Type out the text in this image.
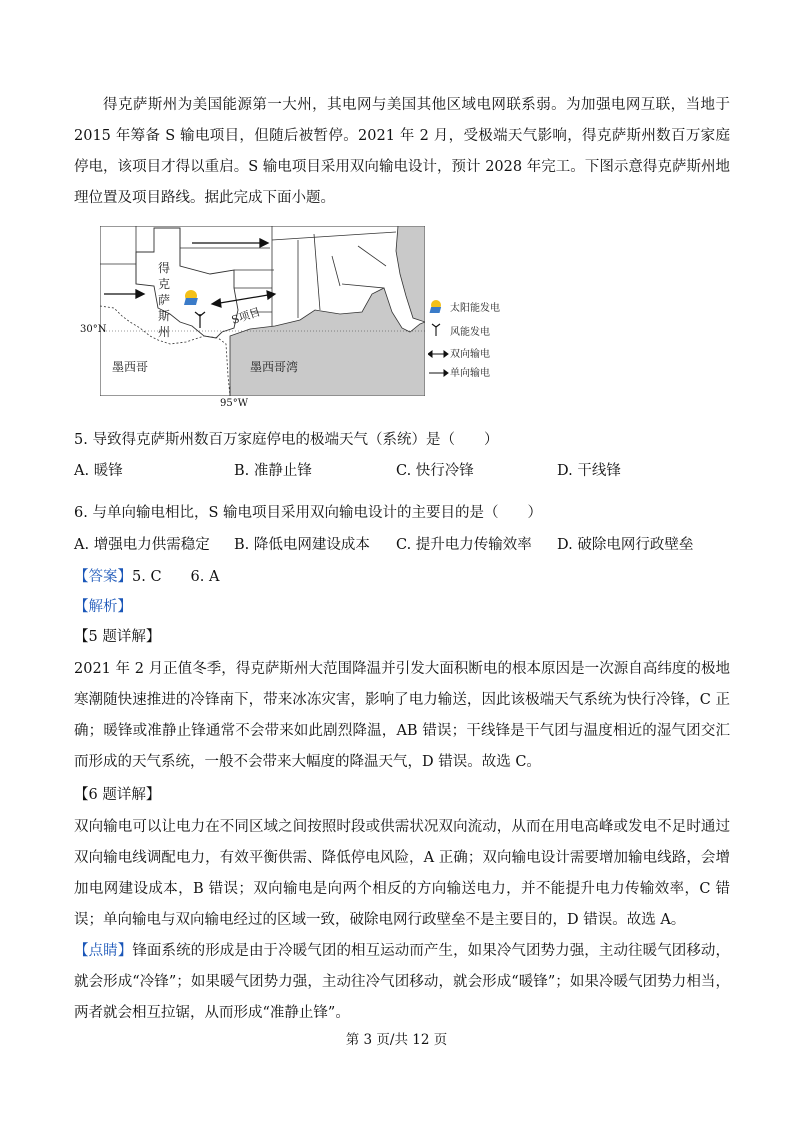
得克萨斯州为美国能源第一大州，其电网与美国其他区域电网联系弱。为加强电网互联，当地于 2015 年筹备 S 输电项目，但随后被暂停。2021 年 2 月，受极端天气影响，得克萨斯州数百万家庭停电，该项目才得以重启。S 输电项目采用双向输电设计，预计 2028 年完工。下图示意得克萨斯州地理位置及项目路线。据此完成下面小题。

得 克 萨 斯 州
S项目
墨西哥	墨西哥湾
30°N
95°W
太阳能发电
风能发电
双向输电
单向输电

5. 导致得克萨斯州数百万家庭停电的极端天气（系统）是（　　）

A. 暖锋	B. 准静止锋	C. 快行冷锋	D. 干线锋

6. 与单向输电相比，S 输电项目采用双向输电设计的主要目的是（　　）

A. 增强电力供需稳定 B. 降低电网建设成本 C. 提升电力传输效率 D. 破除电网行政壁垒

【答案】5. C　　6. A

【解析】

【5 题详解】

2021 年 2 月正值冬季，得克萨斯州大范围降温并引发大面积断电的根本原因是一次源自高纬度的极地寒潮随快速推进的冷锋南下，带来冰冻灾害，影响了电力输送，因此该极端天气系统为快行冷锋，C 正确；暖锋或准静止锋通常不会带来如此剧烈降温，AB 错误；干线锋是干气团与温度相近的湿气团交汇而形成的天气系统，一般不会带来大幅度的降温天气，D 错误。故选 C。

【6 题详解】

双向输电可以让电力在不同区域之间按照时段或供需状况双向流动，从而在用电高峰或发电不足时通过双向输电线调配电力，有效平衡供需、降低停电风险，A 正确；双向输电设计需要增加输电线路，会增加电网建设成本，B 错误；双向输电是向两个相反的方向输送电力，并不能提升电力传输效率，C 错误；单向输电与双向输电经过的区域一致，破除电网行政壁垒不是主要目的，D 错误。故选 A。

【点睛】锋面系统的形成是由于冷暖气团的相互运动而产生，如果冷气团势力强，主动往暖气团移动，就会形成“冷锋”；如果暖气团势力强，主动往冷气团移动，就会形成“暖锋”；如果冷暖气团势力相当，两者就会相互拉锯，从而形成“准静止锋”。

第 3 页/共 12 页
